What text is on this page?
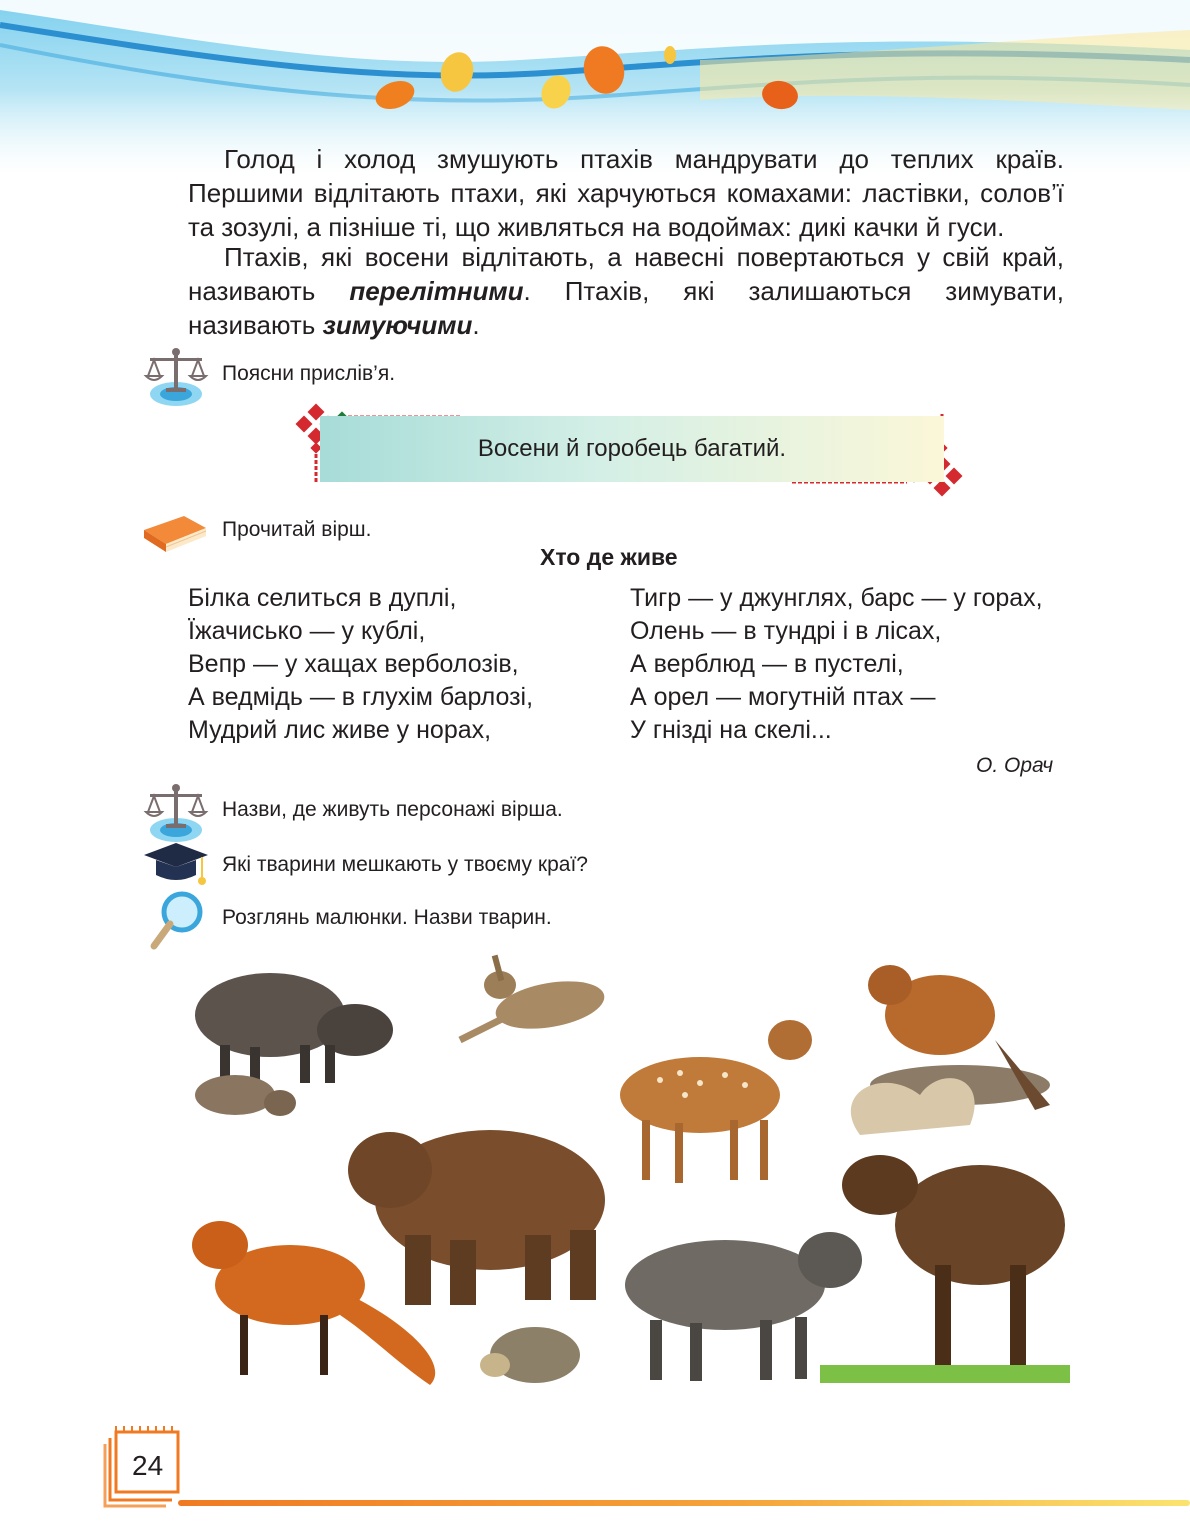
Голод і холод змушують птахів мандрувати до теплих країв. Першими відлітають птахи, які харчуються комахами: ластівки, солов’ї та зозулі, а пізніше ті, що живляться на водоймах: дикі качки й гуси.

Птахів, які восени відлітають, а навесні повертаються у свій край, називають перелітними. Птахів, які залишаються зимувати, називають зимуючими.

Поясни прислів’я.
Восени й горобець багатий.
Прочитай вірш.
Хто де живе
Білка селиться в дуплі,
Їжачисько — у кублі,
Вепр — у хащах верболозів,
А ведмідь — в глухім барлозі,
Мудрий лис живе у норах,
Тигр — у джунглях, барс — у горах,
Олень — в тундрі і в лісах,
А верблюд — в пустелі,
А орел — могутній птах —
У гнізді на скелі...
О. Орач
Назви, де живуть персонажі вірша.
Які тварини мешкають у твоєму краї?
Розглянь малюнки. Назви тварин.
24
